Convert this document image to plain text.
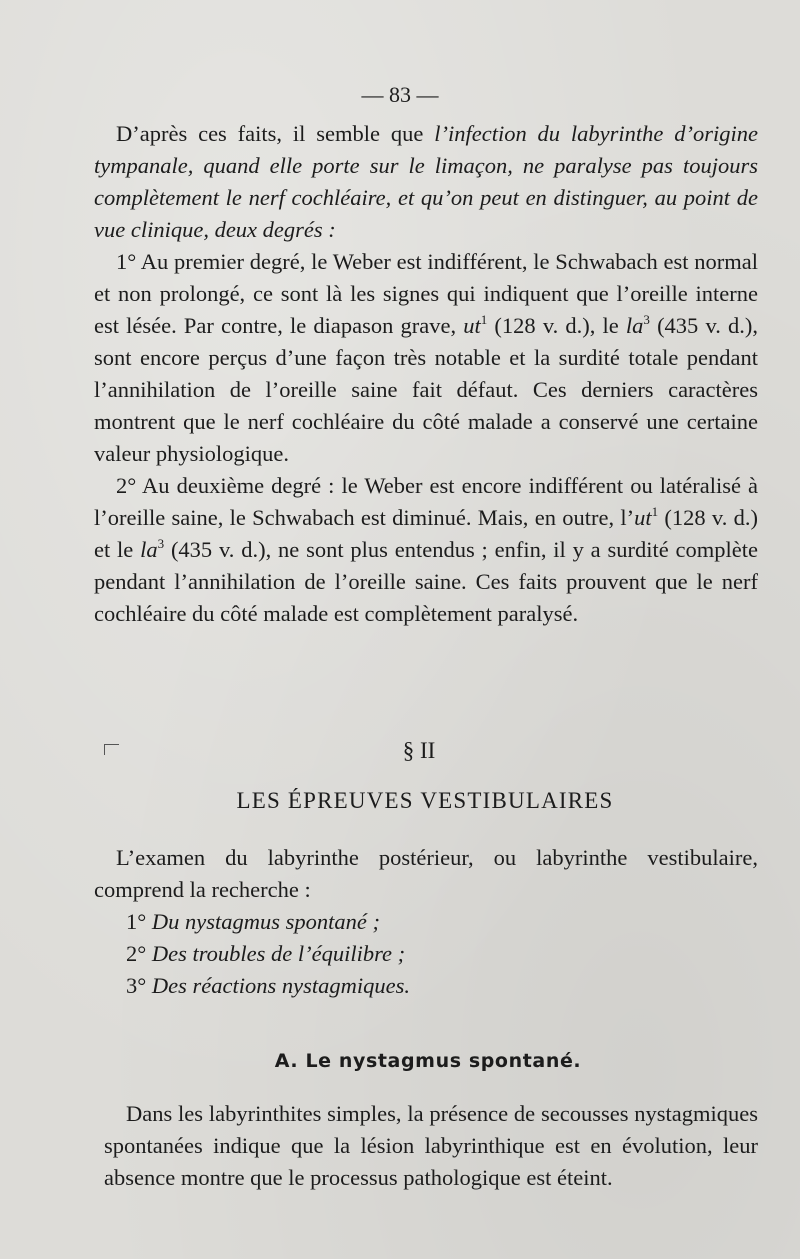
— 83 —

D’après ces faits, il semble que l’infection du labyrinthe d’origine tympanale, quand elle porte sur le limaçon, ne paralyse pas toujours complètement le nerf cochléaire, et qu’on peut en distinguer, au point de vue clinique, deux degrés :

1° Au premier degré, le Weber est indifférent, le Schwabach est normal et non prolongé, ce sont là les signes qui indiquent que l’oreille interne est lésée. Par contre, le diapason grave, $ut^1$ (128 v. d.), le $la^3$ (435 v. d.), sont encore perçus d’une façon très notable et la surdité totale pendant l’annihilation de l’oreille saine fait défaut. Ces derniers caractères montrent que le nerf cochléaire du côté malade a conservé une certaine valeur physiologique.

2° Au deuxième degré : le Weber est encore indifférent ou latéralisé à l’oreille saine, le Schwabach est diminué. Mais, en outre, $l’ut^1$ (128 v. d.) et le $la^3$ (435 v. d.), ne sont plus entendus ; enfin, il y a surdité complète pendant l’annihilation de l’oreille saine. Ces faits prouvent que le nerf cochléaire du côté malade est complètement paralysé.

§ II
LES ÉPREUVES VESTIBULAIRES

L’examen du labyrinthe postérieur, ou labyrinthe vestibulaire, comprend la recherche :

1° Du nystagmus spontané ;

2° Des troubles de l’équilibre ;

3° Des réactions nystagmiques.

A. Le nystagmus spontané.

Dans les labyrinthites simples, la présence de secousses nystagmiques spontanées indique que la lésion labyrinthique est en évolution, leur absence montre que le processus pathologique est éteint.
